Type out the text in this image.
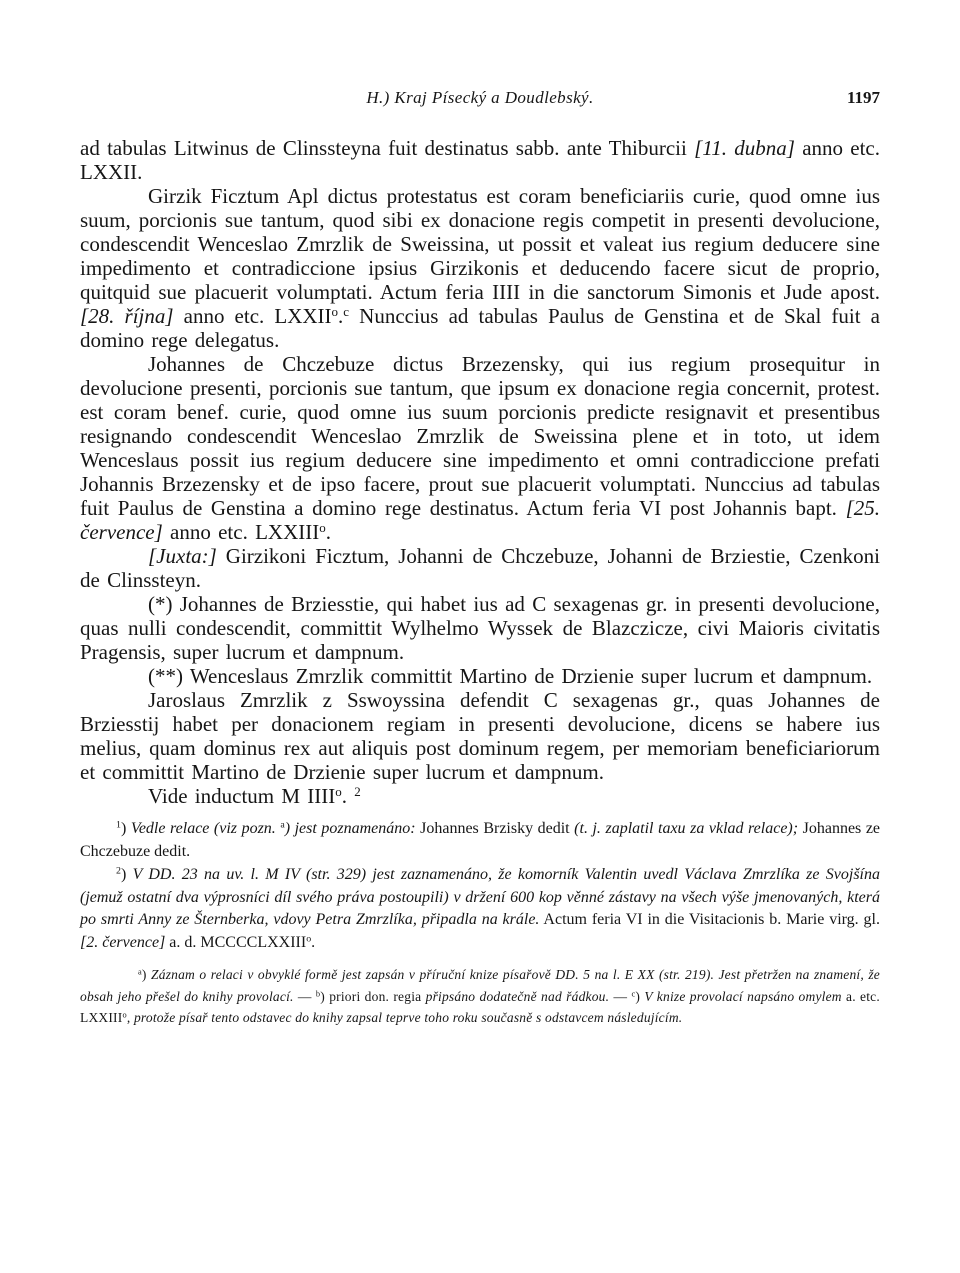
H.) Kraj Písecký a Doudlebský.	1197

ad tabulas Litwinus de Clinssteyna fuit destinatus sabb. ante Thiburcii [11. dubna] anno etc. LXXII.

Girzik Ficztum Apl dictus protestatus est coram beneficiariis curie, quod omne ius suum, porcionis sue tantum, quod sibi ex donacione regis competit in presenti devolucione, condescendit Wenceslao Zmrzlik de Sweissina, ut possit et valeat ius regium deducere sine impedimento et contradiccione ipsius Girzikonis et deducendo facere sicut de proprio, quitquid sue placuerit volumptati. Actum feria IIII in die sanctorum Simonis et Jude apost. [28. října] anno etc. LXXII$^o$.$^c$ Nunccius ad tabulas Paulus de Genstina et de Skal fuit a domino rege delegatus.

Johannes de Chczebuze dictus Brzezensky, qui ius regium prosequitur in devolucione presenti, porcionis sue tantum, que ipsum ex donacione regia concernit, protest. est coram benef. curie, quod omne ius suum porcionis predicte resignavit et presentibus resignando condescendit Wenceslao Zmrzlik de Sweissina plene et in toto, ut idem Wenceslaus possit ius regium deducere sine impedimento et omni contradiccione prefati Johannis Brzezensky et de ipso facere, prout sue placuerit volumptati. Nunccius ad tabulas fuit Paulus de Genstina a domino rege destinatus. Actum feria VI post Johannis bapt. [25. července] anno etc. LXXIII$^o$.

[Juxta:] Girzikoni Ficztum, Johanni de Chczebuze, Johanni de Brziestie, Czenkoni de Clinssteyn.

(*) Johannes de Brziesstie, qui habet ius ad C sexagenas gr. in presenti devolucione, quas nulli condescendit, committit Wylhelmo Wyssek de Blazczicze, civi Maioris civitatis Pragensis, super lucrum et dampnum.

(**) Wenceslaus Zmrzlik committit Martino de Drzienie super lucrum et dampnum.

Jaroslaus Zmrzlik z Sswoyssina defendit C sexagenas gr., quas Johannes de Brziesstij habet per donacionem regiam in presenti devolucione, dicens se habere ius melius, quam dominus rex aut aliquis post dominum regem, per memoriam beneficiariorum et committit Martino de Drzienie super lucrum et dampnum.

Vide inductum M IIII$^o$. $^2$

$^1$) Vedle relace (viz pozn. $^a$) jest poznamenáno: Johannes Brzisky dedit (t. j. zaplatil taxu za vklad relace); Johannes ze Chczebuze dedit.

$^2$) V DD. 23 na uv. l. M IV (str. 329) jest zaznamenáno, že komorník Valentin uvedl Václava Zmrzlíka ze Svojšína (jemuž ostatní dva výprosníci díl svého práva postoupili) v držení 600 kop věnné zástavy na všech výše jmenovaných, která po smrti Anny ze Šternberka, vdovy Petra Zmrzlíka, připadla na krále. Actum feria VI in die Visitacionis b. Marie virg. gl. [2. července] a. d. MCCCCLXXIII$^o$.

$^a$) Záznam o relaci v obvyklé formě jest zapsán v příruční knize písařově DD. 5 na l. E XX (str. 219). Jest přetržen na znamení, že obsah jeho přešel do knihy provolací. — $^b$) priori don. regia připsáno dodatečně nad řádkou. — $^c$) V knize provolací napsáno omylem a. etc. LXXIII$^o$, protože písař tento odstavec do knihy zapsal teprve toho roku současně s odstavcem následujícím.
